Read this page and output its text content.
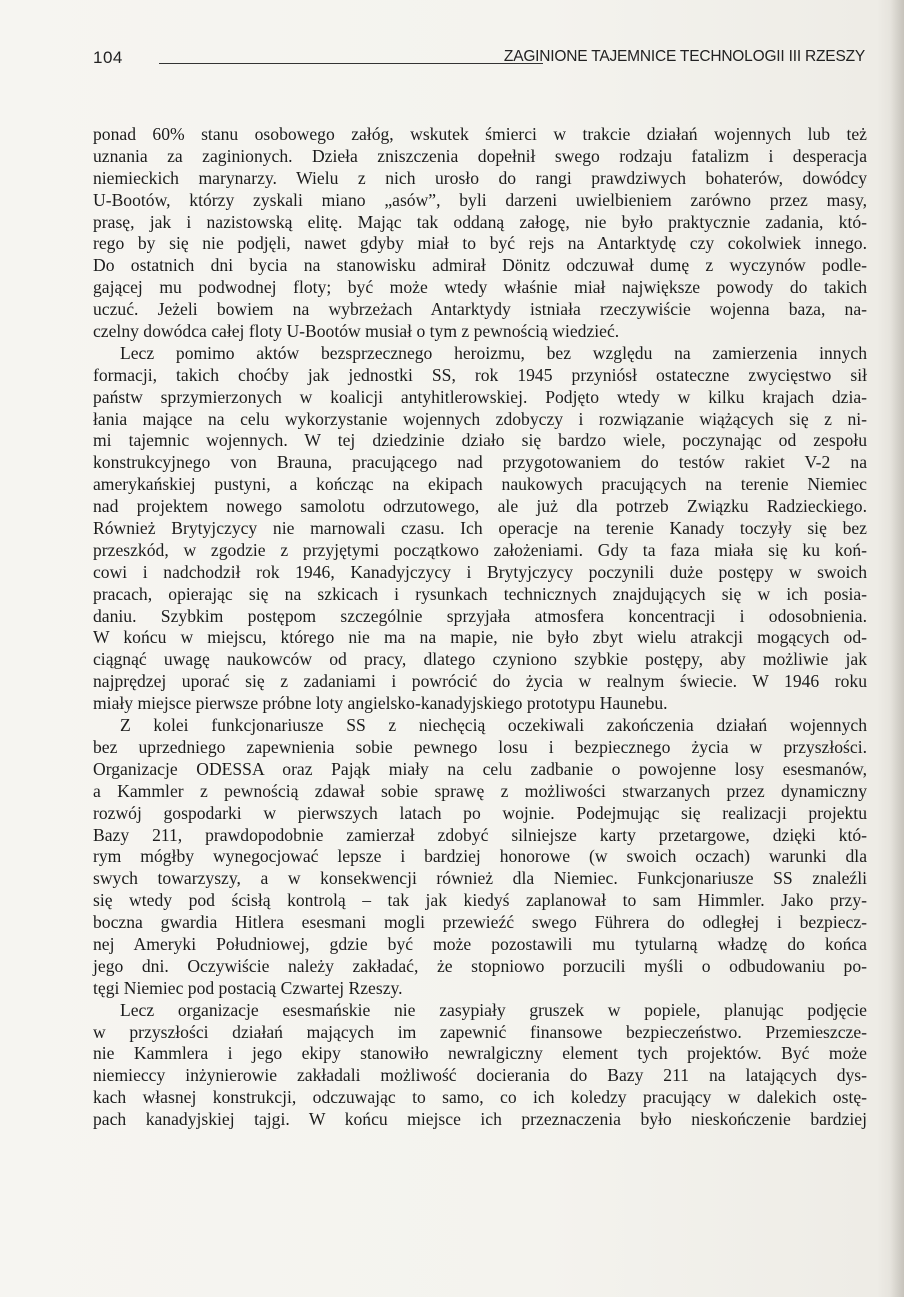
104	ZAGINIONE TAJEMNICE TECHNOLOGII III RZESZY
ponad 60% stanu osobowego załóg, wskutek śmierci w trakcie działań wojennych lub też
uznania za zaginionych. Dzieła zniszczenia dopełnił swego rodzaju fatalizm i desperacja
niemieckich marynarzy. Wielu z nich urosło do rangi prawdziwych bohaterów, dowódcy
U-Bootów, którzy zyskali miano „asów”, byli darzeni uwielbieniem zarówno przez masy,
prasę, jak i nazistowską elitę. Mając tak oddaną załogę, nie było praktycznie zadania, któ-
rego by się nie podjęli, nawet gdyby miał to być rejs na Antarktydę czy cokolwiek innego.
Do ostatnich dni bycia na stanowisku admirał Dönitz odczuwał dumę z wyczynów podle-
gającej mu podwodnej floty; być może wtedy właśnie miał największe powody do takich
uczuć. Jeżeli bowiem na wybrzeżach Antarktydy istniała rzeczywiście wojenna baza, na-
czelny dowódca całej floty U-Bootów musiał o tym z pewnością wiedzieć.
Lecz pomimo aktów bezsprzecznego heroizmu, bez względu na zamierzenia innych
formacji, takich choćby jak jednostki SS, rok 1945 przyniósł ostateczne zwycięstwo sił
państw sprzymierzonych w koalicji antyhitlerowskiej. Podjęto wtedy w kilku krajach dzia-
łania mające na celu wykorzystanie wojennych zdobyczy i rozwiązanie wiążących się z ni-
mi tajemnic wojennych. W tej dziedzinie działo się bardzo wiele, poczynając od zespołu
konstrukcyjnego von Brauna, pracującego nad przygotowaniem do testów rakiet V-2 na
amerykańskiej pustyni, a kończąc na ekipach naukowych pracujących na terenie Niemiec
nad projektem nowego samolotu odrzutowego, ale już dla potrzeb Związku Radzieckiego.
Również Brytyjczycy nie marnowali czasu. Ich operacje na terenie Kanady toczyły się bez
przeszkód, w zgodzie z przyjętymi początkowo założeniami. Gdy ta faza miała się ku koń-
cowi i nadchodził rok 1946, Kanadyjczycy i Brytyjczycy poczynili duże postępy w swoich
pracach, opierając się na szkicach i rysunkach technicznych znajdujących się w ich posia-
daniu. Szybkim postępom szczególnie sprzyjała atmosfera koncentracji i odosobnienia.
W końcu w miejscu, którego nie ma na mapie, nie było zbyt wielu atrakcji mogących od-
ciągnąć uwagę naukowców od pracy, dlatego czyniono szybkie postępy, aby możliwie jak
najprędzej uporać się z zadaniami i powrócić do życia w realnym świecie. W 1946 roku
miały miejsce pierwsze próbne loty angielsko-kanadyjskiego prototypu Haunebu.
Z kolei funkcjonariusze SS z niechęcią oczekiwali zakończenia działań wojennych
bez uprzedniego zapewnienia sobie pewnego losu i bezpiecznego życia w przyszłości.
Organizacje ODESSA oraz Pająk miały na celu zadbanie o powojenne losy esesmanów,
a Kammler z pewnością zdawał sobie sprawę z możliwości stwarzanych przez dynamiczny
rozwój gospodarki w pierwszych latach po wojnie. Podejmując się realizacji projektu
Bazy 211, prawdopodobnie zamierzał zdobyć silniejsze karty przetargowe, dzięki któ-
rym mógłby wynegocjować lepsze i bardziej honorowe (w swoich oczach) warunki dla
swych towarzyszy, a w konsekwencji również dla Niemiec. Funkcjonariusze SS znaleźli
się wtedy pod ścisłą kontrolą – tak jak kiedyś zaplanował to sam Himmler. Jako przy-
boczna gwardia Hitlera esesmani mogli przewieźć swego Führera do odległej i bezpiecz-
nej Ameryki Południowej, gdzie być może pozostawili mu tytularną władzę do końca
jego dni. Oczywiście należy zakładać, że stopniowo porzucili myśli o odbudowaniu po-
tęgi Niemiec pod postacią Czwartej Rzeszy.
Lecz organizacje esesmańskie nie zasypiały gruszek w popiele, planując podjęcie
w przyszłości działań mających im zapewnić finansowe bezpieczeństwo. Przemieszcze-
nie Kammlera i jego ekipy stanowiło newralgiczny element tych projektów. Być może
niemieccy inżynierowie zakładali możliwość docierania do Bazy 211 na latających dys-
kach własnej konstrukcji, odczuwając to samo, co ich koledzy pracujący w dalekich ostę-
pach kanadyjskiej tajgi. W końcu miejsce ich przeznaczenia było nieskończenie bardziej
